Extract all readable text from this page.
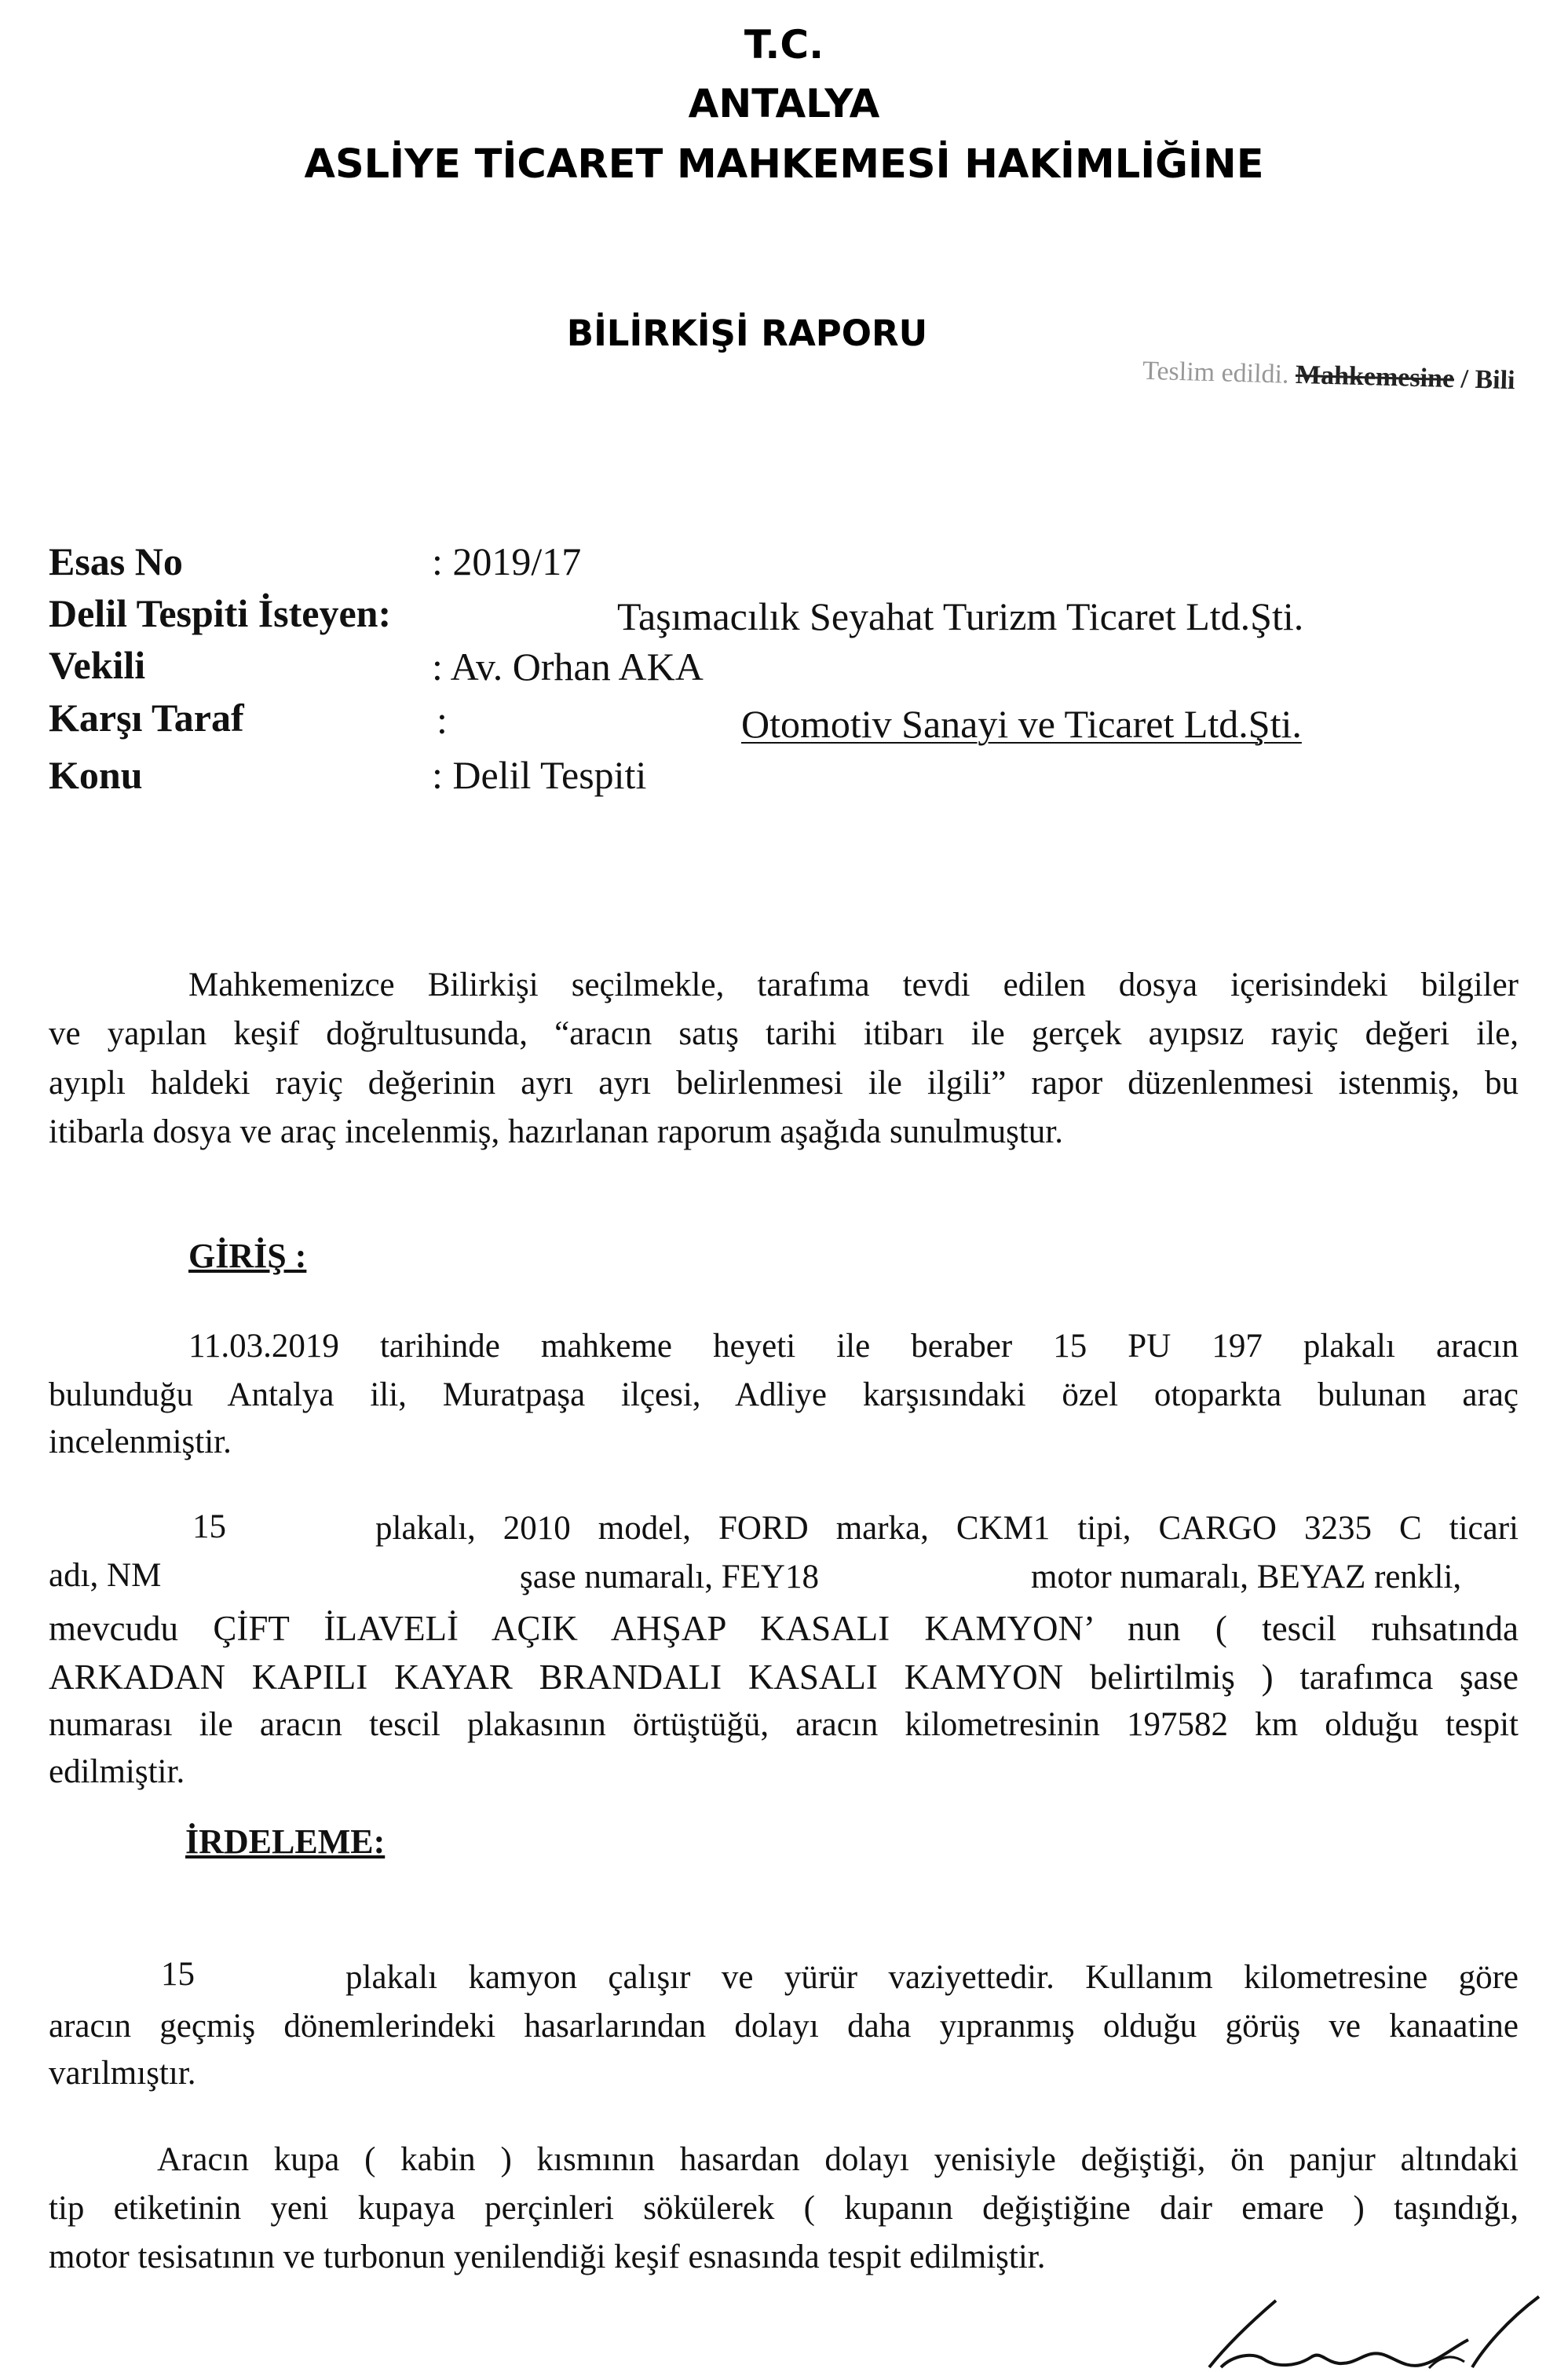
T.C.
ANTALYA
ASLİYE TİCARET MAHKEMESİ HAKİMLİĞİNE
BİLİRKİŞİ RAPORU
Teslim edildi. Mahkemesine / Bili
Esas No	: 2019/17
Delil Tespiti İsteyen:	Taşımacılık Seyahat Turizm Ticaret Ltd.Şti.
Vekili	: Av. Orhan AKA
Karşı Taraf	:	Otomotiv Sanayi ve Ticaret Ltd.Şti.
Konu	: Delil Tespiti
Mahkemenizce Bilirkişi seçilmekle, tarafıma tevdi edilen dosya içerisindeki bilgiler
ve yapılan keşif doğrultusunda, “aracın satış tarihi itibarı ile gerçek ayıpsız rayiç değeri ile,
ayıplı haldeki rayiç değerinin ayrı ayrı belirlenmesi ile ilgili” rapor düzenlenmesi istenmiş, bu
itibarla dosya ve araç incelenmiş, hazırlanan raporum aşağıda sunulmuştur.
GİRİŞ :
11.03.2019 tarihinde mahkeme heyeti ile beraber 15 PU 197 plakalı aracın
bulunduğu Antalya ili, Muratpaşa ilçesi, Adliye karşısındaki özel otoparkta bulunan araç
incelenmiştir.
15	plakalı, 2010 model, FORD marka, CKM1 tipi, CARGO 3235 C ticari
adı, NM	şase numaralı, FEY18	motor numaralı, BEYAZ renkli,
mevcudu ÇİFT İLAVELİ AÇIK AHŞAP KASALI KAMYON’ nun ( tescil ruhsatında
ARKADAN KAPILI KAYAR BRANDALI KASALI KAMYON belirtilmiş ) tarafımca şase
numarası ile aracın tescil plakasının örtüştüğü, aracın kilometresinin 197582 km olduğu tespit
edilmiştir.
İRDELEME:
15	plakalı kamyon çalışır ve yürür vaziyettedir. Kullanım kilometresine göre
aracın geçmiş dönemlerindeki hasarlarından dolayı daha yıpranmış olduğu görüş ve kanaatine
varılmıştır.
Aracın kupa ( kabin ) kısmının hasardan dolayı yenisiyle değiştiği, ön panjur altındaki
tip etiketinin yeni kupaya perçinleri sökülerek ( kupanın değiştiğine dair emare ) taşındığı,
motor tesisatının ve turbonun yenilendiği keşif esnasında tespit edilmiştir.
